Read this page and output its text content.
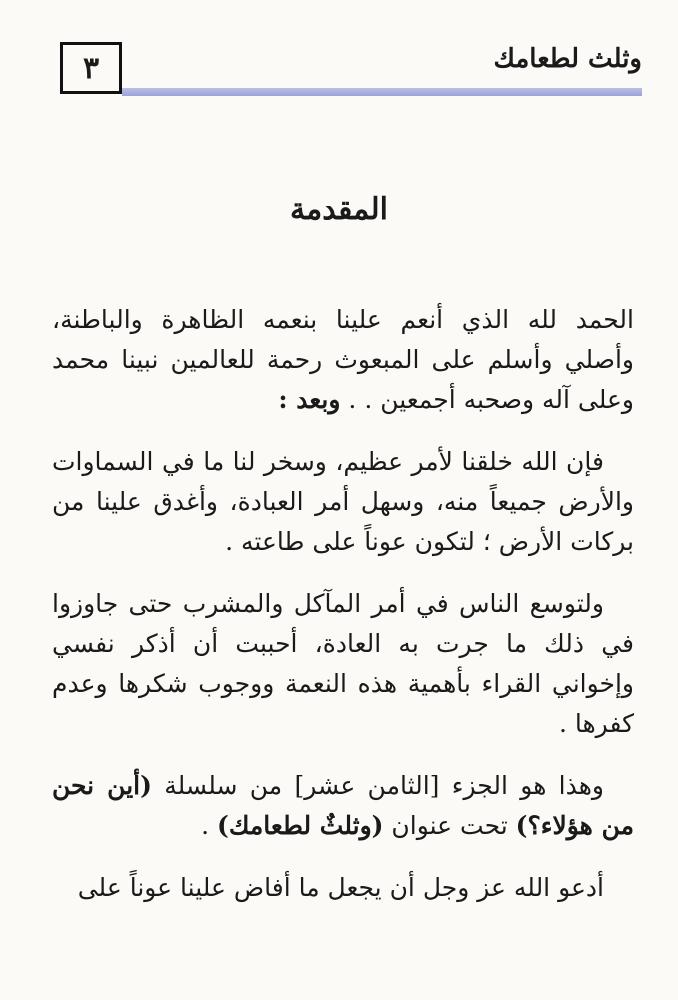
٣	وثلث لطعامك
المقدمة

الحمد لله الذي أنعم علينا بنعمه الظاهرة والباطنة، وأصلي وأسلم على المبعوث رحمة للعالمين نبينا محمد وعلى آله وصحبه أجمعين . . وبعد :

فإن الله خلقنا لأمر عظيم، وسخر لنا ما في السماوات والأرض جميعاً منه، وسهل أمر العبادة، وأغدق علينا من بركات الأرض ؛ لتكون عوناً على طاعته .

ولتوسع الناس في أمر المآكل والمشرب حتى جاوزوا في ذلك ما جرت به العادة، أحببت أن أذكر نفسي وإخواني القراء بأهمية هذه النعمة ووجوب شكرها وعدم كفرها .

وهذا هو الجزء [الثامن عشر] من سلسلة (أين نحن من هؤلاء؟) تحت عنوان (وثلثٌ لطعامك) .

أدعو الله عز وجل أن يجعل ما أفاض علينا عوناً على
